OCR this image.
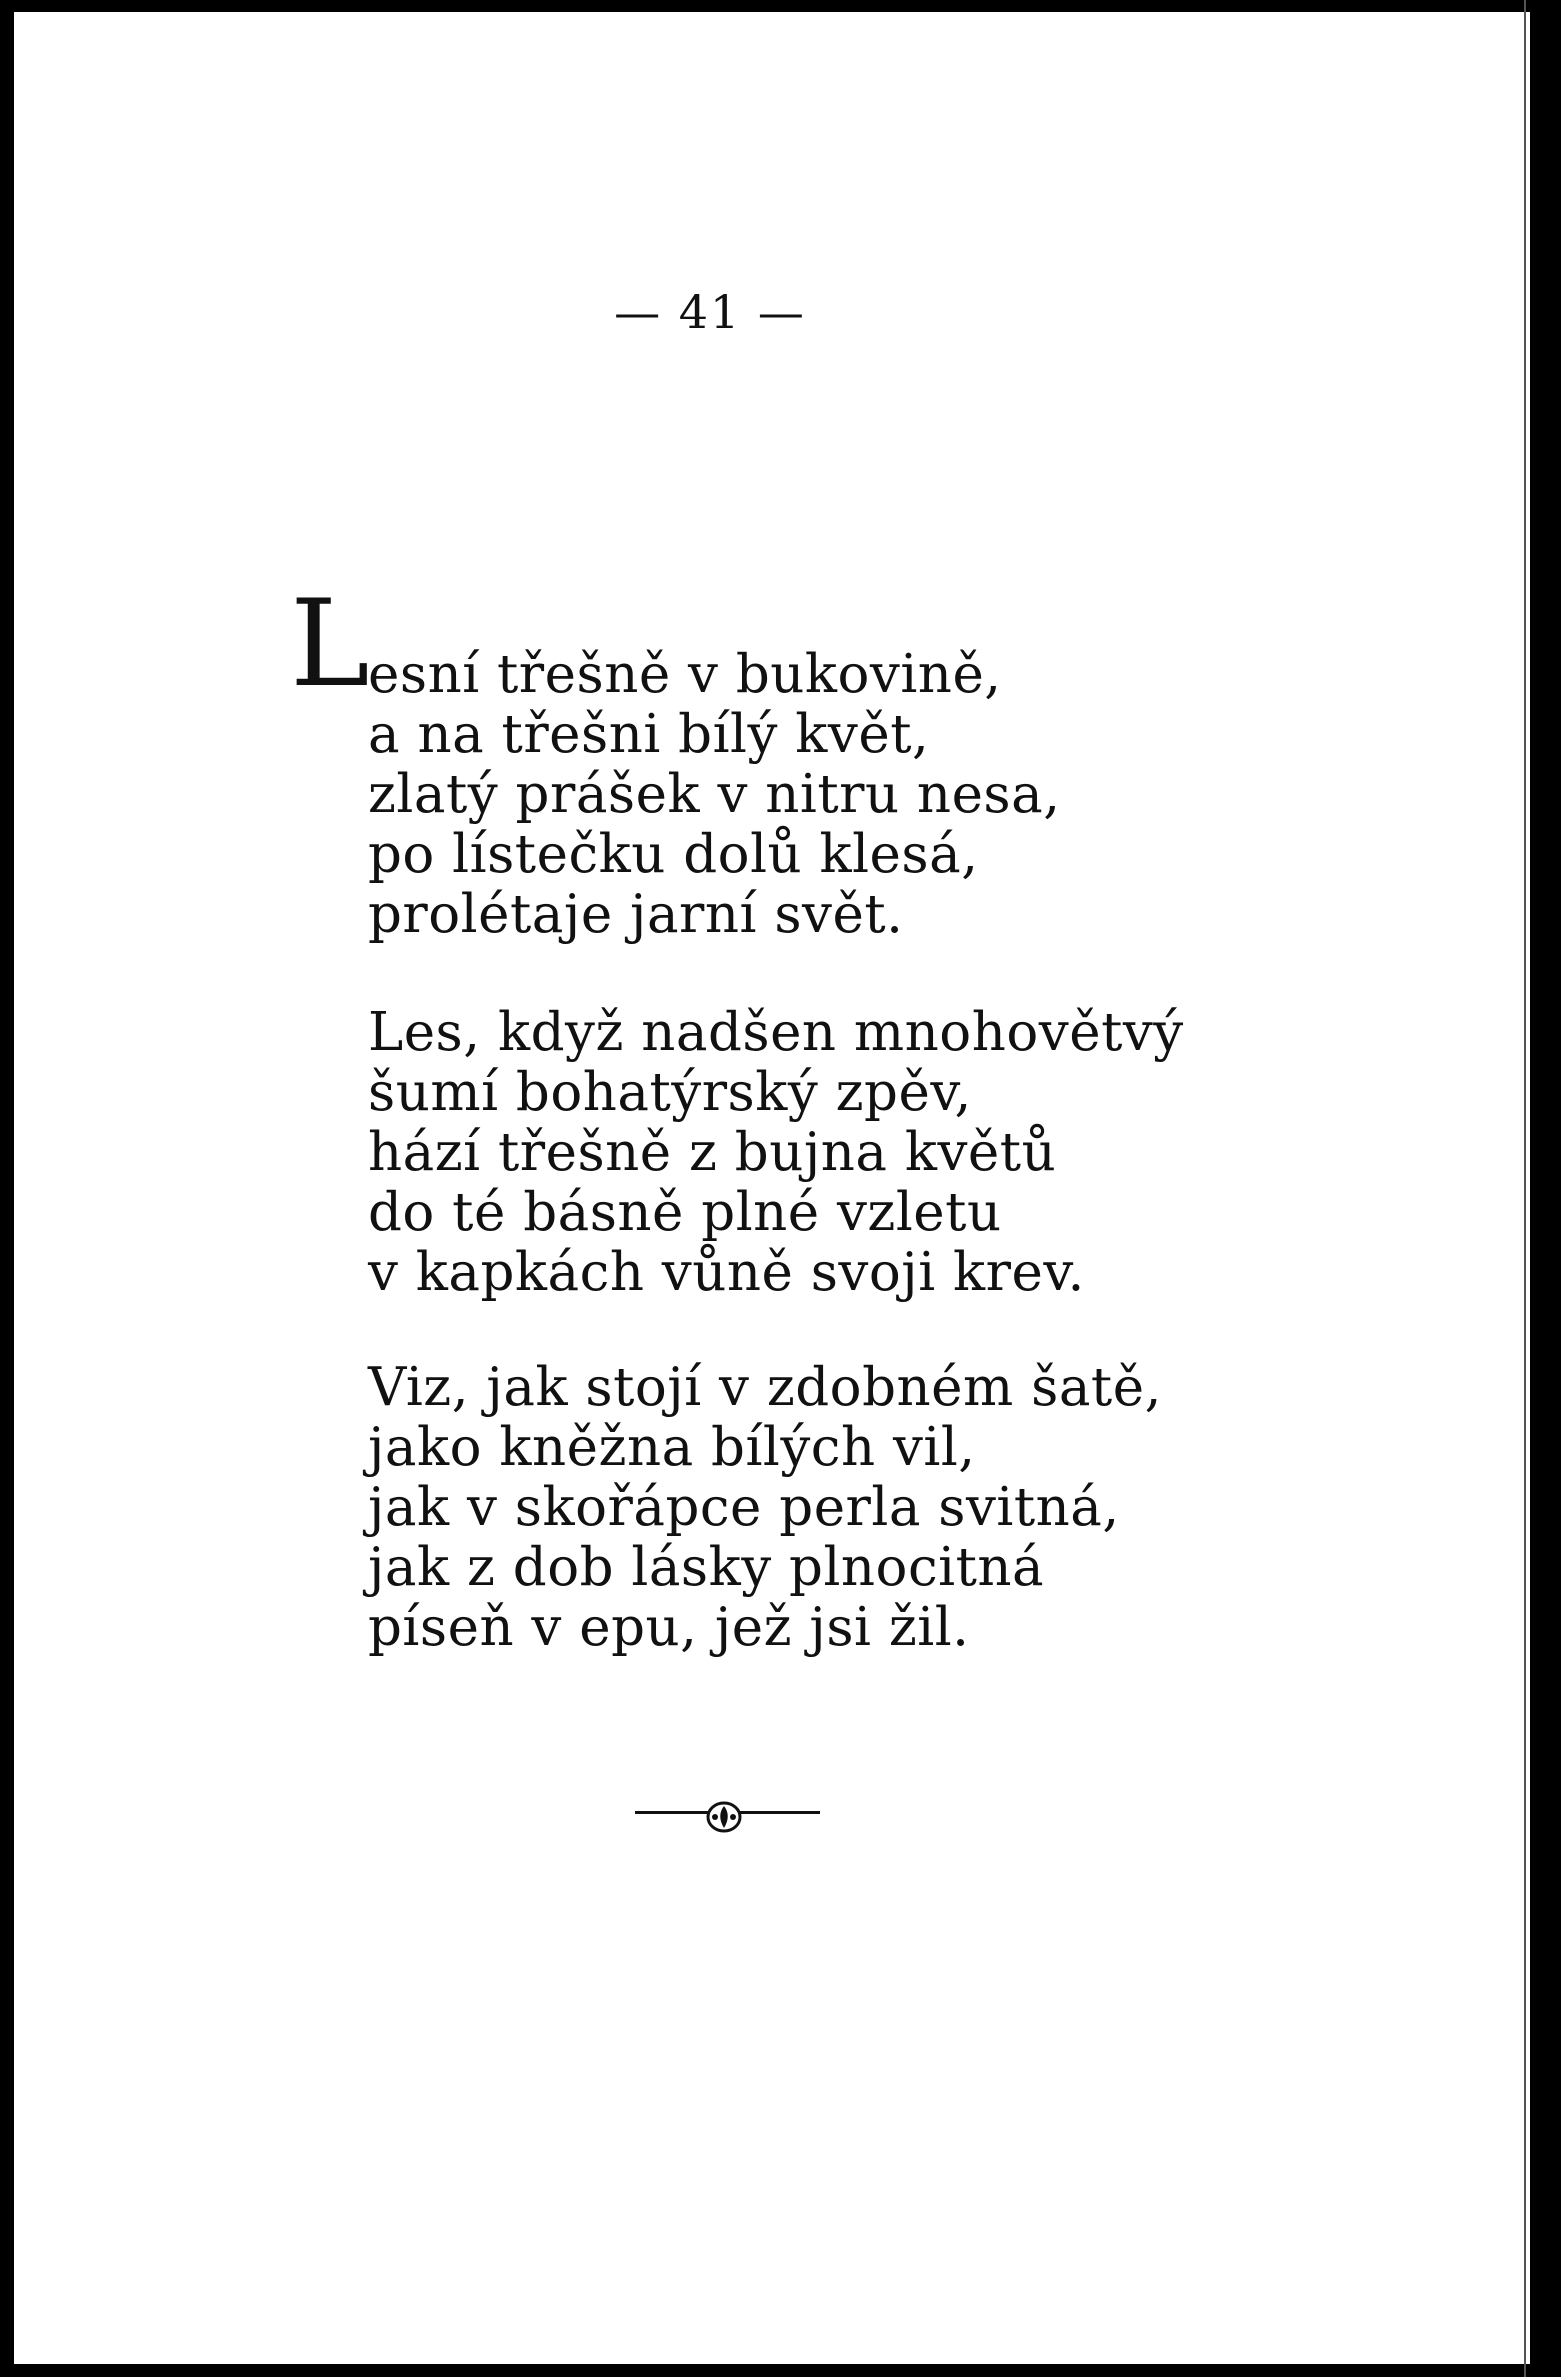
— 41 —
L
esní třešně v bukovině,
a na třešni bílý květ,
zlatý prášek v nitru nesa,
po lístečku dolů klesá,
prolétaje jarní svět.
Les, když nadšen mnohovětvý
šumí bohatýrský zpěv,
hází třešně z bujna květů
do té básně plné vzletu
v kapkách vůně svoji krev.
Viz, jak stojí v zdobném šatě,
jako kněžna bílých vil,
jak v skořápce perla svitná,
jak z dob lásky plnocitná
píseň v epu, jež jsi žil.
